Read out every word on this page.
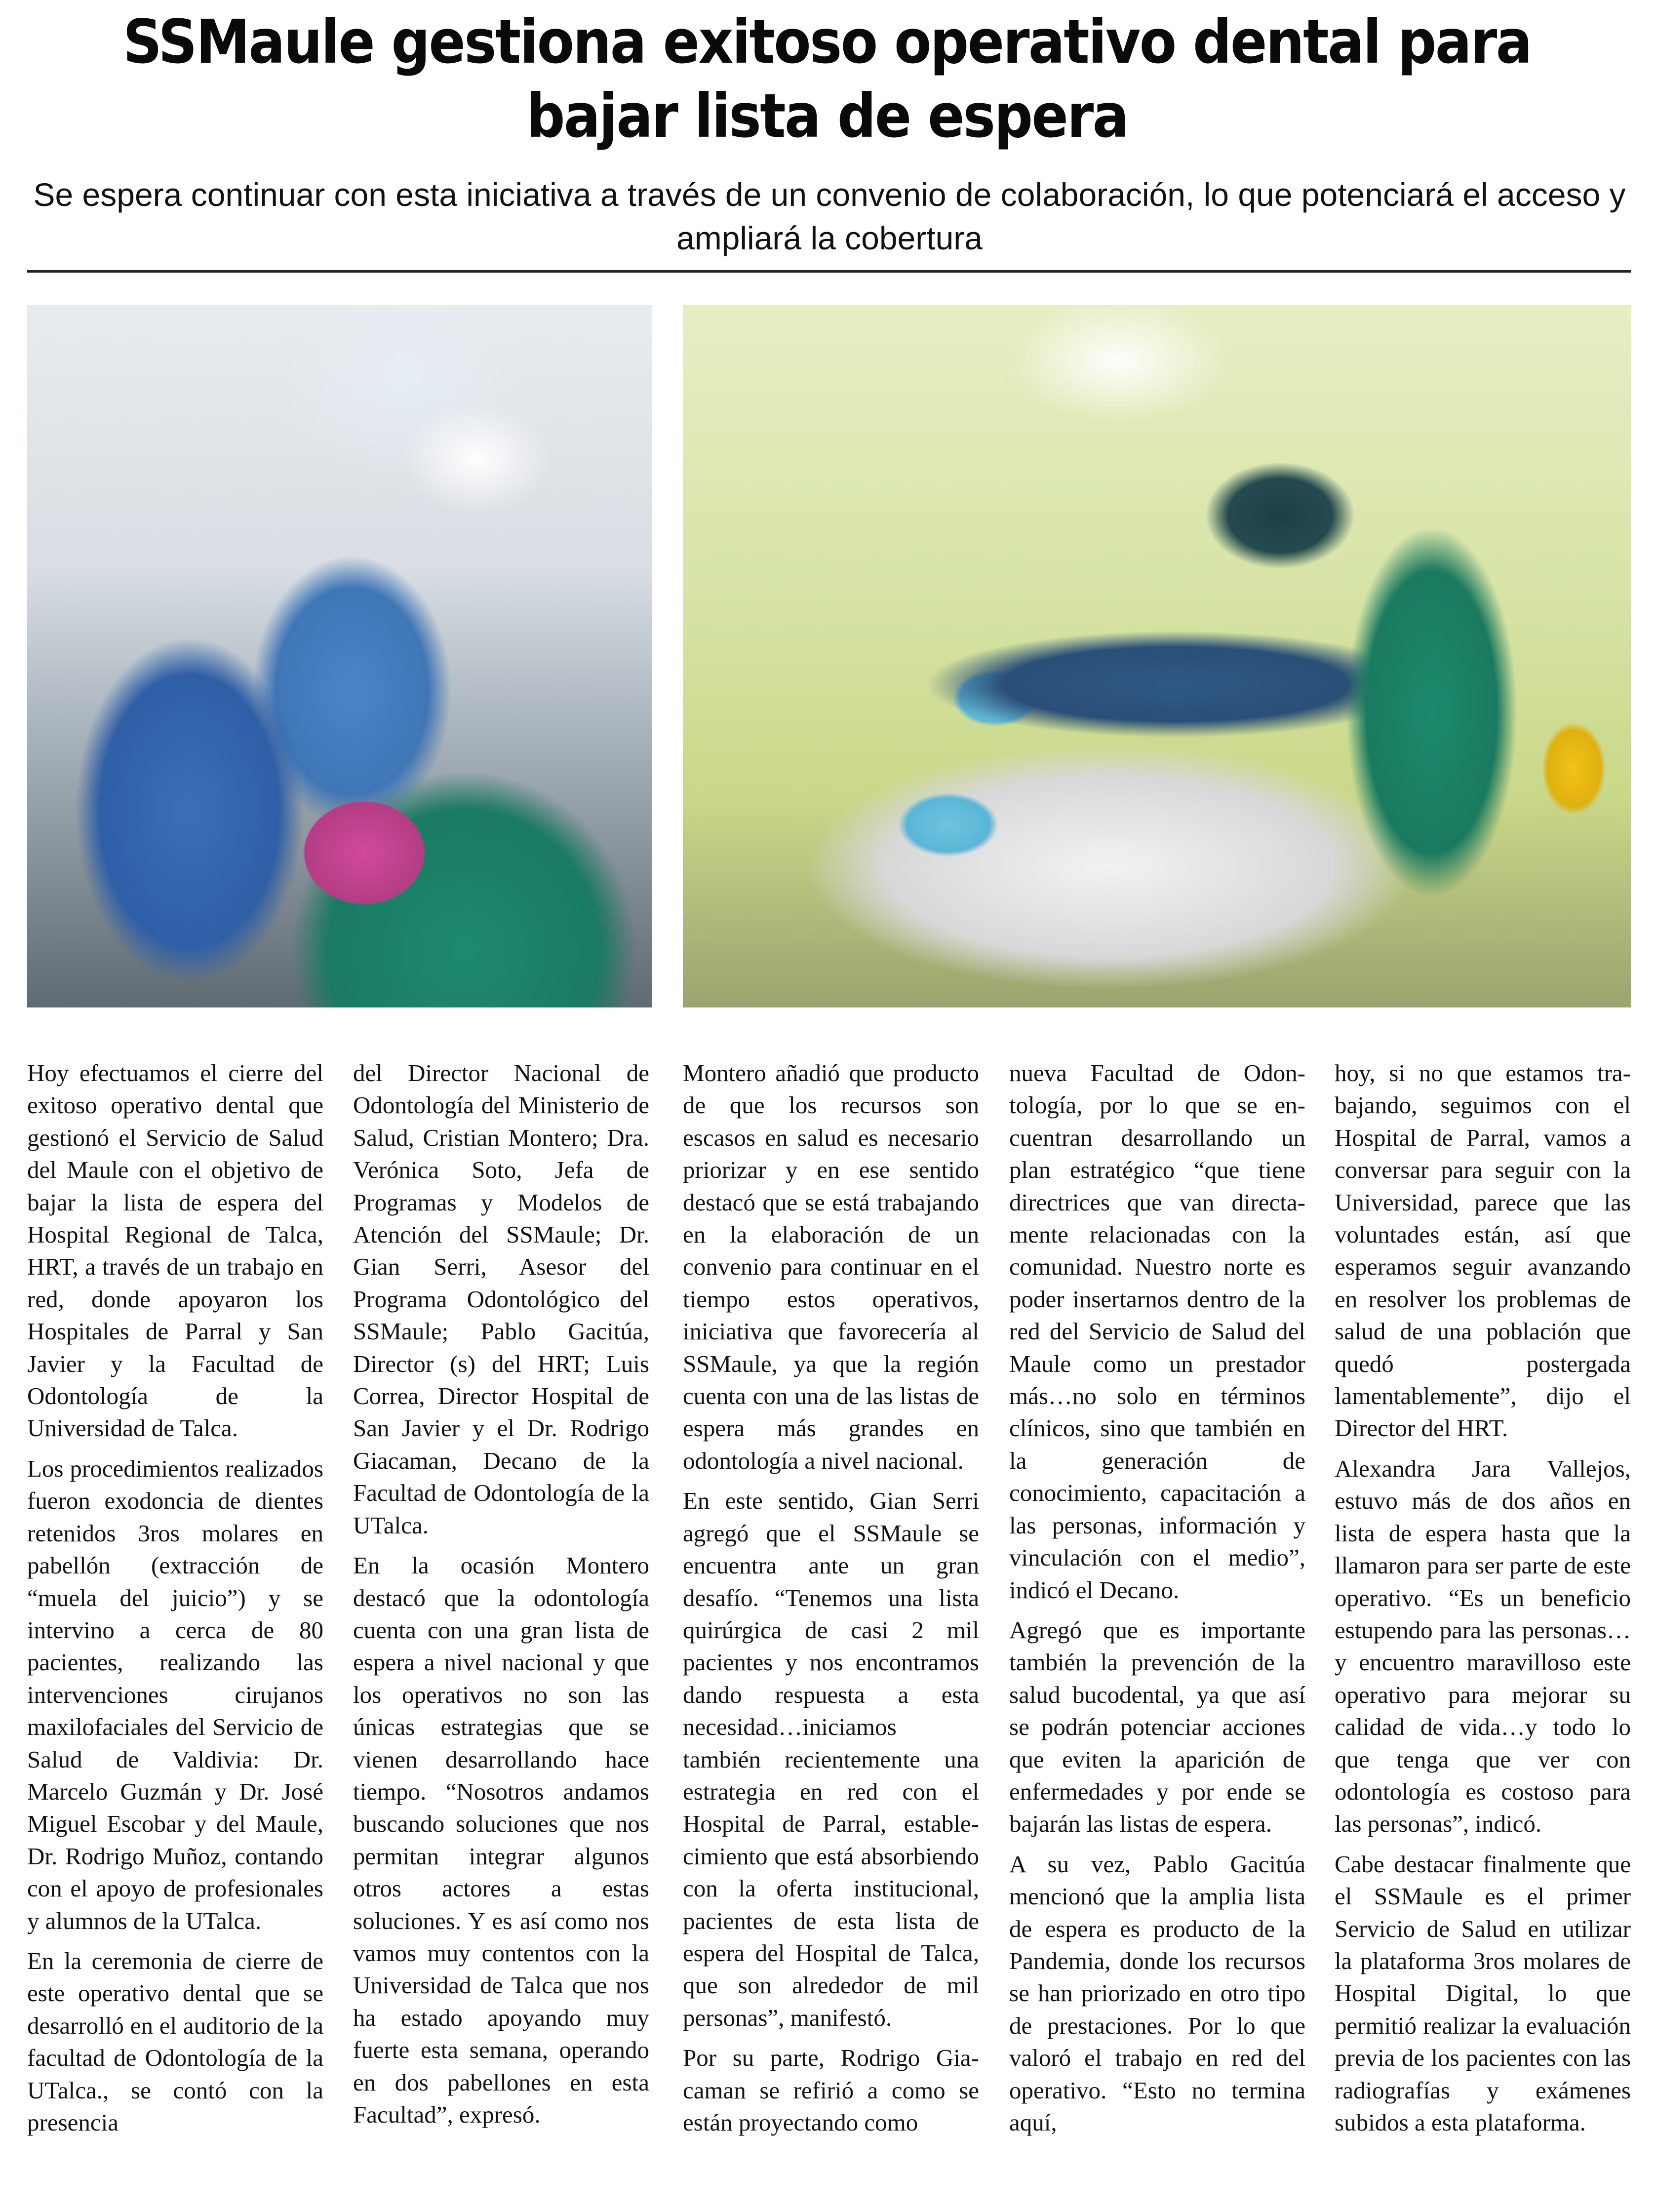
SSMaule gestiona exitoso operativo dental para
bajar lista de espera

Se espera continuar con esta iniciativa a través de un convenio de colaboración, lo que potenciará el acceso y ampliará la cobertura

Hoy efectuamos el cierre del exitoso operativo dental que gestionó el Servicio de Salud del Maule con el objetivo de bajar la lista de espera del Hospital Regional de Talca, HRT, a través de un trabajo en red, donde apoyaron los Hospitales de Parral y San Javier y la Facultad de Odontología de la Universidad de Talca.

Los procedimientos realizados fueron exodoncia de dientes retenidos 3ros molares en pabellón (extracción de “muela del juicio”) y se intervino a cerca de 80 pacientes, realizando las intervenciones cirujanos maxilofaciales del Servicio de Salud de Valdivia: Dr. Marcelo Guzmán y Dr. José Miguel Escobar y del Maule, Dr. Rodrigo Muñoz, contando con el apoyo de profesionales y alumnos de la UTalca.

En la ceremonia de cierre de este operativo dental que se desarrolló en el auditorio de la facultad de Odontología de la UTalca., se contó con la presencia

del Director Nacional de Odontología del Ministerio de Salud, Cristian Montero; Dra. Verónica Soto, Jefa de Programas y Modelos de Atención del SSMaule; Dr. Gian Serri, Asesor del Programa Odontológico del SSMaule; Pablo Gacitúa, Director (s) del HRT; Luis Correa, Director Hospital de San Javier y el Dr. Rodrigo Giacaman, Decano de la Facultad de Odontología de la UTalca.

En la ocasión Montero destacó que la odontología cuenta con una gran lista de espera a nivel nacional y que los operativos no son las únicas estrategias que se vienen desarrollando hace tiempo. “Nosotros andamos buscando soluciones que nos permitan integrar algunos otros actores a estas soluciones. Y es así como nos vamos muy contentos con la Universidad de Talca que nos ha estado apoyando muy fuerte esta semana, operando en dos pabellones en esta Facultad”, expresó.

Montero añadió que producto de que los recursos son escasos en salud es necesario priorizar y en ese sentido destacó que se está trabajando en la elaboración de un convenio para continuar en el tiempo estos operativos, iniciativa que favorecería al SSMaule, ya que la región cuenta con una de las listas de espera más grandes en odontología a nivel nacional.

En este sentido, Gian Serri agregó que el SSMaule se encuentra ante un gran desafío. “Tenemos una lista quirúrgica de casi 2 mil pacientes y nos encontramos dando respuesta a esta necesidad…iniciamos también recientemente una estrategia en red con el Hospital de Parral, establecimiento que está absorbiendo con la oferta institucional, pacientes de esta lista de espera del Hospital de Talca, que son alrededor de mil personas”, manifestó.

Por su parte, Rodrigo Giacaman se refirió a como se están proyectando como

nueva Facultad de Odontología, por lo que se encuentran desarrollando un plan estratégico “que tiene directrices que van directamente relacionadas con la comunidad. Nuestro norte es poder insertarnos dentro de la red del Servicio de Salud del Maule como un prestador más…no solo en términos clínicos, sino que también en la generación de conocimiento, capacitación a las personas, información y vinculación con el medio”, indicó el Decano.

Agregó que es importante también la prevención de la salud bucodental, ya que así se podrán potenciar acciones que eviten la aparición de enfermedades y por ende se bajarán las listas de espera.

A su vez, Pablo Gacitúa mencionó que la amplia lista de espera es producto de la Pandemia, donde los recursos se han priorizado en otro tipo de prestaciones. Por lo que valoró el trabajo en red del operativo. “Esto no termina aquí,

hoy, si no que estamos trabajando, seguimos con el Hospital de Parral, vamos a conversar para seguir con la Universidad, parece que las voluntades están, así que esperamos seguir avanzando en resolver los problemas de salud de una población que quedó postergada lamentablemente”, dijo el Director del HRT.

Alexandra Jara Vallejos, estuvo más de dos años en lista de espera hasta que la llamaron para ser parte de este operativo. “Es un beneficio estupendo para las personas… y encuentro maravilloso este operativo para mejorar su calidad de vida…y todo lo que tenga que ver con odontología es costoso para las personas”, indicó.

Cabe destacar finalmente que el SSMaule es el primer Servicio de Salud en utilizar la plataforma 3ros molares de Hospital Digital, lo que permitió realizar la evaluación previa de los pacientes con las radiografías y exámenes subidos a esta plataforma.
